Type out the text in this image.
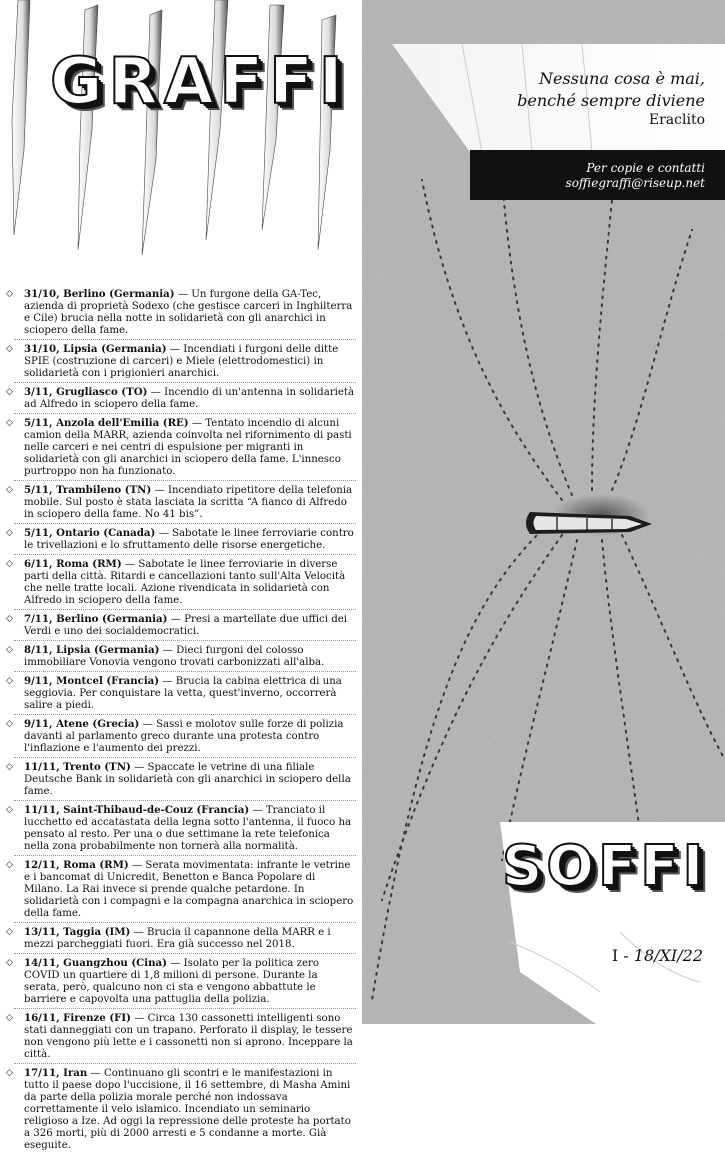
GRAFFI
◇ 31/10, Berlino (Germania) — Un furgone della GA-Tec, azienda di proprietà Sodexo (che gestisce carceri in Inghilterra e Cile) brucia nella notte in solidarietà con gli anarchici in sciopero della fame.
◇ 31/10, Lipsia (Germania) — Incendiati i furgoni delle ditte SPIE (costruzione di carceri) e Miele (elettrodomestici) in solidarietà con i prigionieri anarchici.
◇ 3/11, Grugliasco (TO) — Incendio di un'antenna in solidarietà ad Alfredo in sciopero della fame.
◇ 5/11, Anzola dell'Emilia (RE) — Tentato incendio di alcuni camion della MARR, azienda coinvolta nel rifornimento di pasti nelle carceri e nei centri di espulsione per migranti in solidarietà con gli anarchici in sciopero della fame. L'innesco purtroppo non ha funzionato.
◇ 5/11, Trambileno (TN) — Incendiato ripetitore della telefonia mobile. Sul posto è stata lasciata la scritta “A fianco di Alfredo in sciopero della fame. No 41 bis”.
◇ 5/11, Ontario (Canada) — Sabotate le linee ferroviarie contro le trivellazioni e lo sfruttamento delle risorse energetiche.
◇ 6/11, Roma (RM) — Sabotate le linee ferroviarie in diverse parti della città. Ritardi e cancellazioni tanto sull'Alta Velocità che nelle tratte locali. Azione rivendicata in solidarietà con Alfredo in sciopero della fame.
◇ 7/11, Berlino (Germania) — Presi a martellate due uffici dei Verdi e uno dei socialdemocratici.
◇ 8/11, Lipsia (Germania) — Dieci furgoni del colosso immobiliare Vonovia vengono trovati carbonizzati all'alba.
◇ 9/11, Montcel (Francia) — Brucia la cabina elettrica di una seggiovia. Per conquistare la vetta, quest'inverno, occorrerà salire a piedi.
◇ 9/11, Atene (Grecia) — Sassi e molotov sulle forze di polizia davanti al parlamento greco durante una protesta contro l'inflazione e l'aumento dei prezzi.
◇ 11/11, Trento (TN) — Spaccate le vetrine di una filiale Deutsche Bank in solidarietà con gli anarchici in sciopero della fame.
◇ 11/11, Saint-Thibaud-de-Couz (Francia) — Tranciato il lucchetto ed accatastata della legna sotto l'antenna, il fuoco ha pensato al resto. Per una o due settimane la rete telefonica nella zona probabilmente non tornerà alla normalità.
◇ 12/11, Roma (RM) — Serata movimentata: infrante le vetrine e i bancomat di Unicredit, Benetton e Banca Popolare di Milano. La Rai invece si prende qualche petardone. In solidarietà con i compagni e la compagna anarchica in sciopero della fame.
◇ 13/11, Taggia (IM) — Brucia il capannone della MARR e i mezzi parcheggiati fuori. Era già successo nel 2018.
◇ 14/11, Guangzhou (Cina) — Isolato per la politica zero COVID un quartiere di 1,8 milioni di persone. Durante la serata, però, qualcuno non ci sta e vengono abbattute le barriere e capovolta una pattuglia della polizia.
◇ 16/11, Firenze (FI) — Circa 130 cassonetti intelligenti sono stati danneggiati con un trapano. Perforato il display, le tessere non vengono più lette e i cassonetti non si aprono. Inceppare la città.
◇ 17/11, Iran — Continuano gli scontri e le manifestazioni in tutto il paese dopo l'uccisione, il 16 settembre, di Masha Amini da parte della polizia morale perché non indossava correttamente il velo islamico. Incendiato un seminario religioso a Ize. Ad oggi la repressione delle proteste ha portato a 326 morti, più di 2000 arresti e 5 condanne a morte. Già eseguite.
Nessuna cosa è mai,
benché sempre diviene
Eraclito
Per copie e contatti
soffiegraffi@riseup.net
SOFFI
I - 18/XI/22
